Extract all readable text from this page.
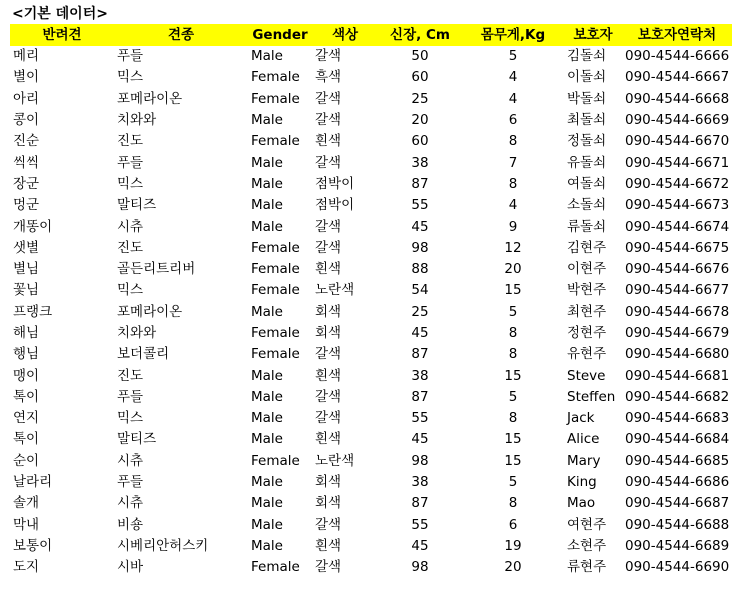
<기본 데이터>
반려견	견종	Gender	색상	신장, Cm	몸무게,Kg	보호자	보호자연락처
메리	푸들	Male	갈색	50	5	김돌쇠	090-4544-6666
별이	믹스	Female	흑색	60	4	이돌쇠	090-4544-6667
아리	포메라이온	Female	갈색	25	4	박돌쇠	090-4544-6668
콩이	치와와	Male	갈색	20	6	최돌쇠	090-4544-6669
진순	진도	Female	흰색	60	8	정돌쇠	090-4544-6670
씩씩	푸들	Male	갈색	38	7	유돌쇠	090-4544-6671
장군	믹스	Male	점박이	87	8	여돌쇠	090-4544-6672
멍군	말티즈	Male	점박이	55	4	소돌쇠	090-4544-6673
개똥이	시츄	Male	갈색	45	9	류돌쇠	090-4544-6674
샛별	진도	Female	갈색	98	12	김현주	090-4544-6675
별님	골든리트리버	Female	흰색	88	20	이현주	090-4544-6676
꽃님	믹스	Female	노란색	54	15	박현주	090-4544-6677
프랭크	포메라이온	Male	회색	25	5	최현주	090-4544-6678
해님	치와와	Female	회색	45	8	정현주	090-4544-6679
행님	보더콜리	Female	갈색	87	8	유현주	090-4544-6680
맹이	진도	Male	흰색	38	15	Steve	090-4544-6681
톡이	푸들	Male	갈색	87	5	Steffen	090-4544-6682
연지	믹스	Male	갈색	55	8	Jack	090-4544-6683
톡이	말티즈	Male	흰색	45	15	Alice	090-4544-6684
순이	시츄	Female	노란색	98	15	Mary	090-4544-6685
날라리	푸들	Male	회색	38	5	King	090-4544-6686
솔개	시츄	Male	회색	87	8	Mao	090-4544-6687
막내	비숑	Male	갈색	55	6	여현주	090-4544-6688
보통이	시베리안허스키	Male	흰색	45	19	소현주	090-4544-6689
도지	시바	Female	갈색	98	20	류현주	090-4544-6690
